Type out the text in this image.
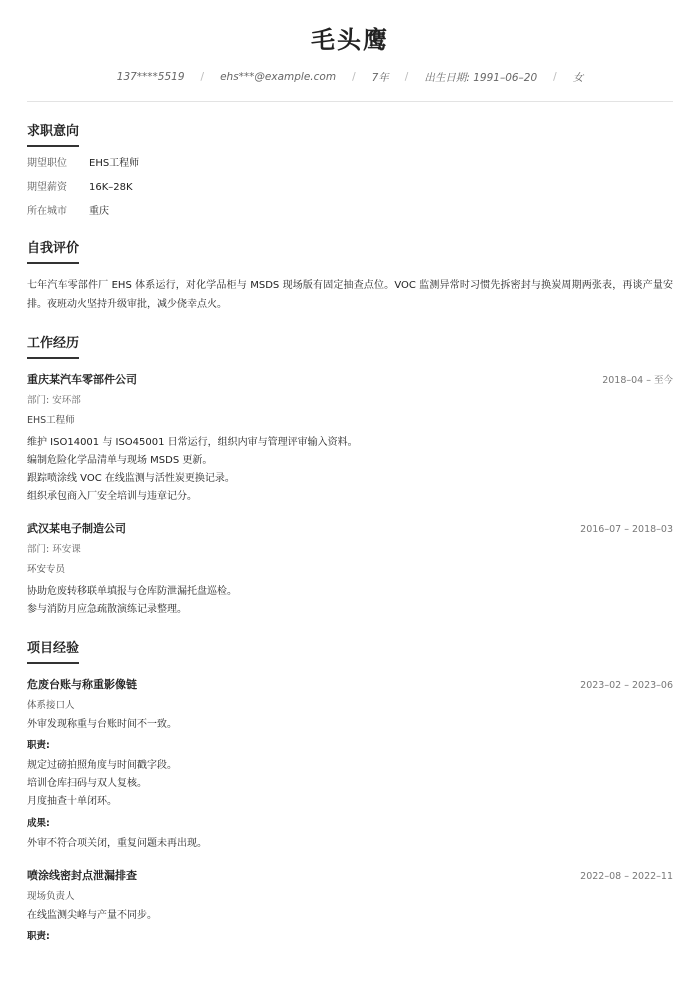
毛头鹰
137****5519 / ehs***@example.com / 7年 / 出生日期: 1991–06–20 / 女
求职意向
期望职位	EHS工程师
期望薪资	16K–28K
所在城市	重庆
自我评价
七年汽车零部件厂 EHS 体系运行，对化学品柜与 MSDS 现场版有固定抽查点位。VOC 监测异常时习惯先拆密封与换炭周期两张表，再谈产量安排。夜班动火坚持升级审批，减少侥幸点火。
工作经历
重庆某汽车零部件公司	2018–04 – 至今
部门: 安环部
EHS工程师
维护 ISO14001 与 ISO45001 日常运行，组织内审与管理评审输入资料。
编制危险化学品清单与现场 MSDS 更新。
跟踪喷涂线 VOC 在线监测与活性炭更换记录。
组织承包商入厂安全培训与违章记分。
武汉某电子制造公司	2016–07 – 2018–03
部门: 环安课
环安专员
协助危废转移联单填报与仓库防泄漏托盘巡检。
参与消防月应急疏散演练记录整理。
项目经验
危废台账与称重影像链	2023–02 – 2023–06
体系接口人
外审发现称重与台账时间不一致。
职责:
规定过磅拍照角度与时间戳字段。
培训仓库扫码与双人复核。
月度抽查十单闭环。
成果:
外审不符合项关闭，重复问题未再出现。
喷涂线密封点泄漏排查	2022–08 – 2022–11
现场负责人
在线监测尖峰与产量不同步。
职责:
